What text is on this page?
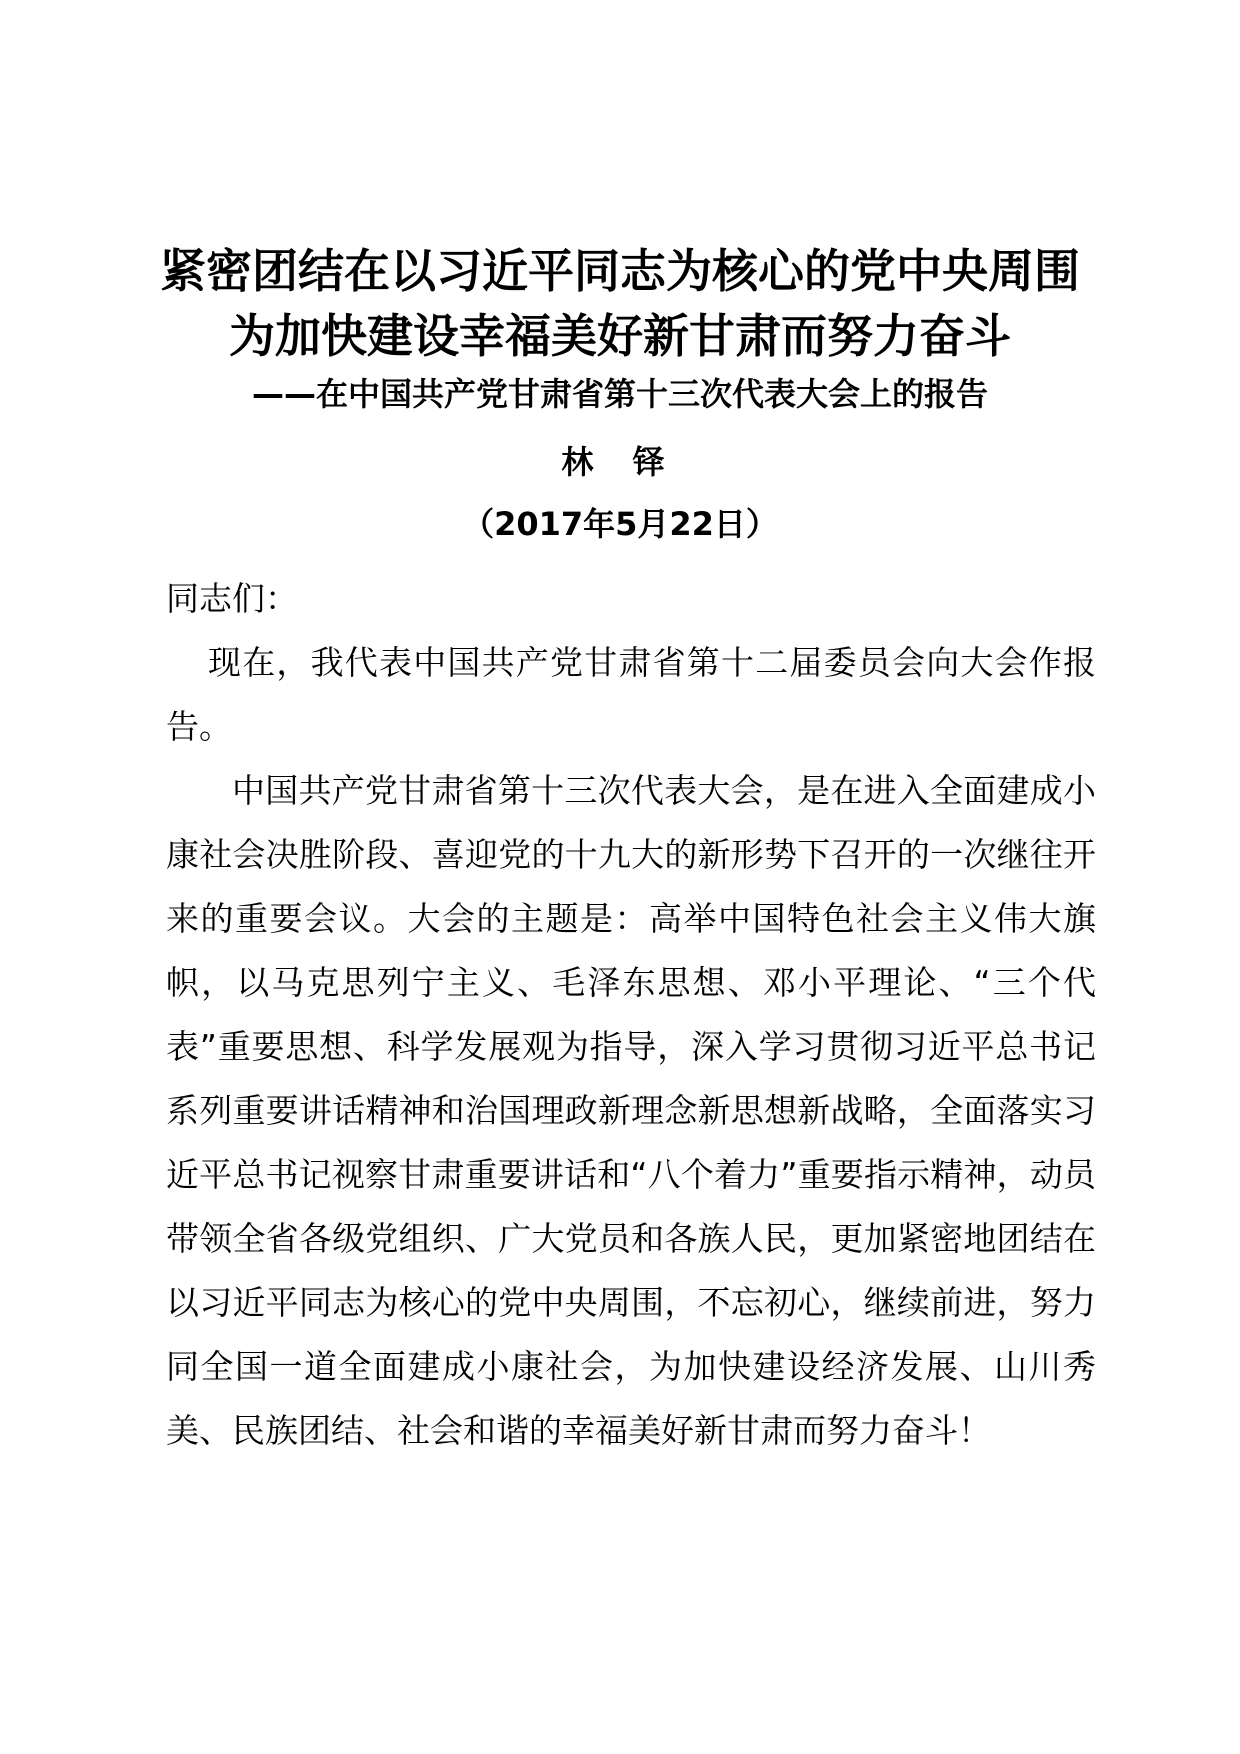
紧密团结在以习近平同志为核心的党中央周围
为加快建设幸福美好新甘肃而努力奋斗
——在中国共产党甘肃省第十三次代表大会上的报告
林 铎
（2017年5月22日）

同志们：

现在，我代表中国共产党甘肃省第十二届委员会向大会作报告。

中国共产党甘肃省第十三次代表大会，是在进入全面建成小康社会决胜阶段、喜迎党的十九大的新形势下召开的一次继往开来的重要会议。大会的主题是：高举中国特色社会主义伟大旗帜，以马克思列宁主义、毛泽东思想、邓小平理论、“三个代表”重要思想、科学发展观为指导，深入学习贯彻习近平总书记系列重要讲话精神和治国理政新理念新思想新战略，全面落实习近平总书记视察甘肃重要讲话和“八个着力”重要指示精神，动员带领全省各级党组织、广大党员和各族人民，更加紧密地团结在以习近平同志为核心的党中央周围，不忘初心，继续前进，努力同全国一道全面建成小康社会，为加快建设经济发展、山川秀美、民族团结、社会和谐的幸福美好新甘肃而努力奋斗！
